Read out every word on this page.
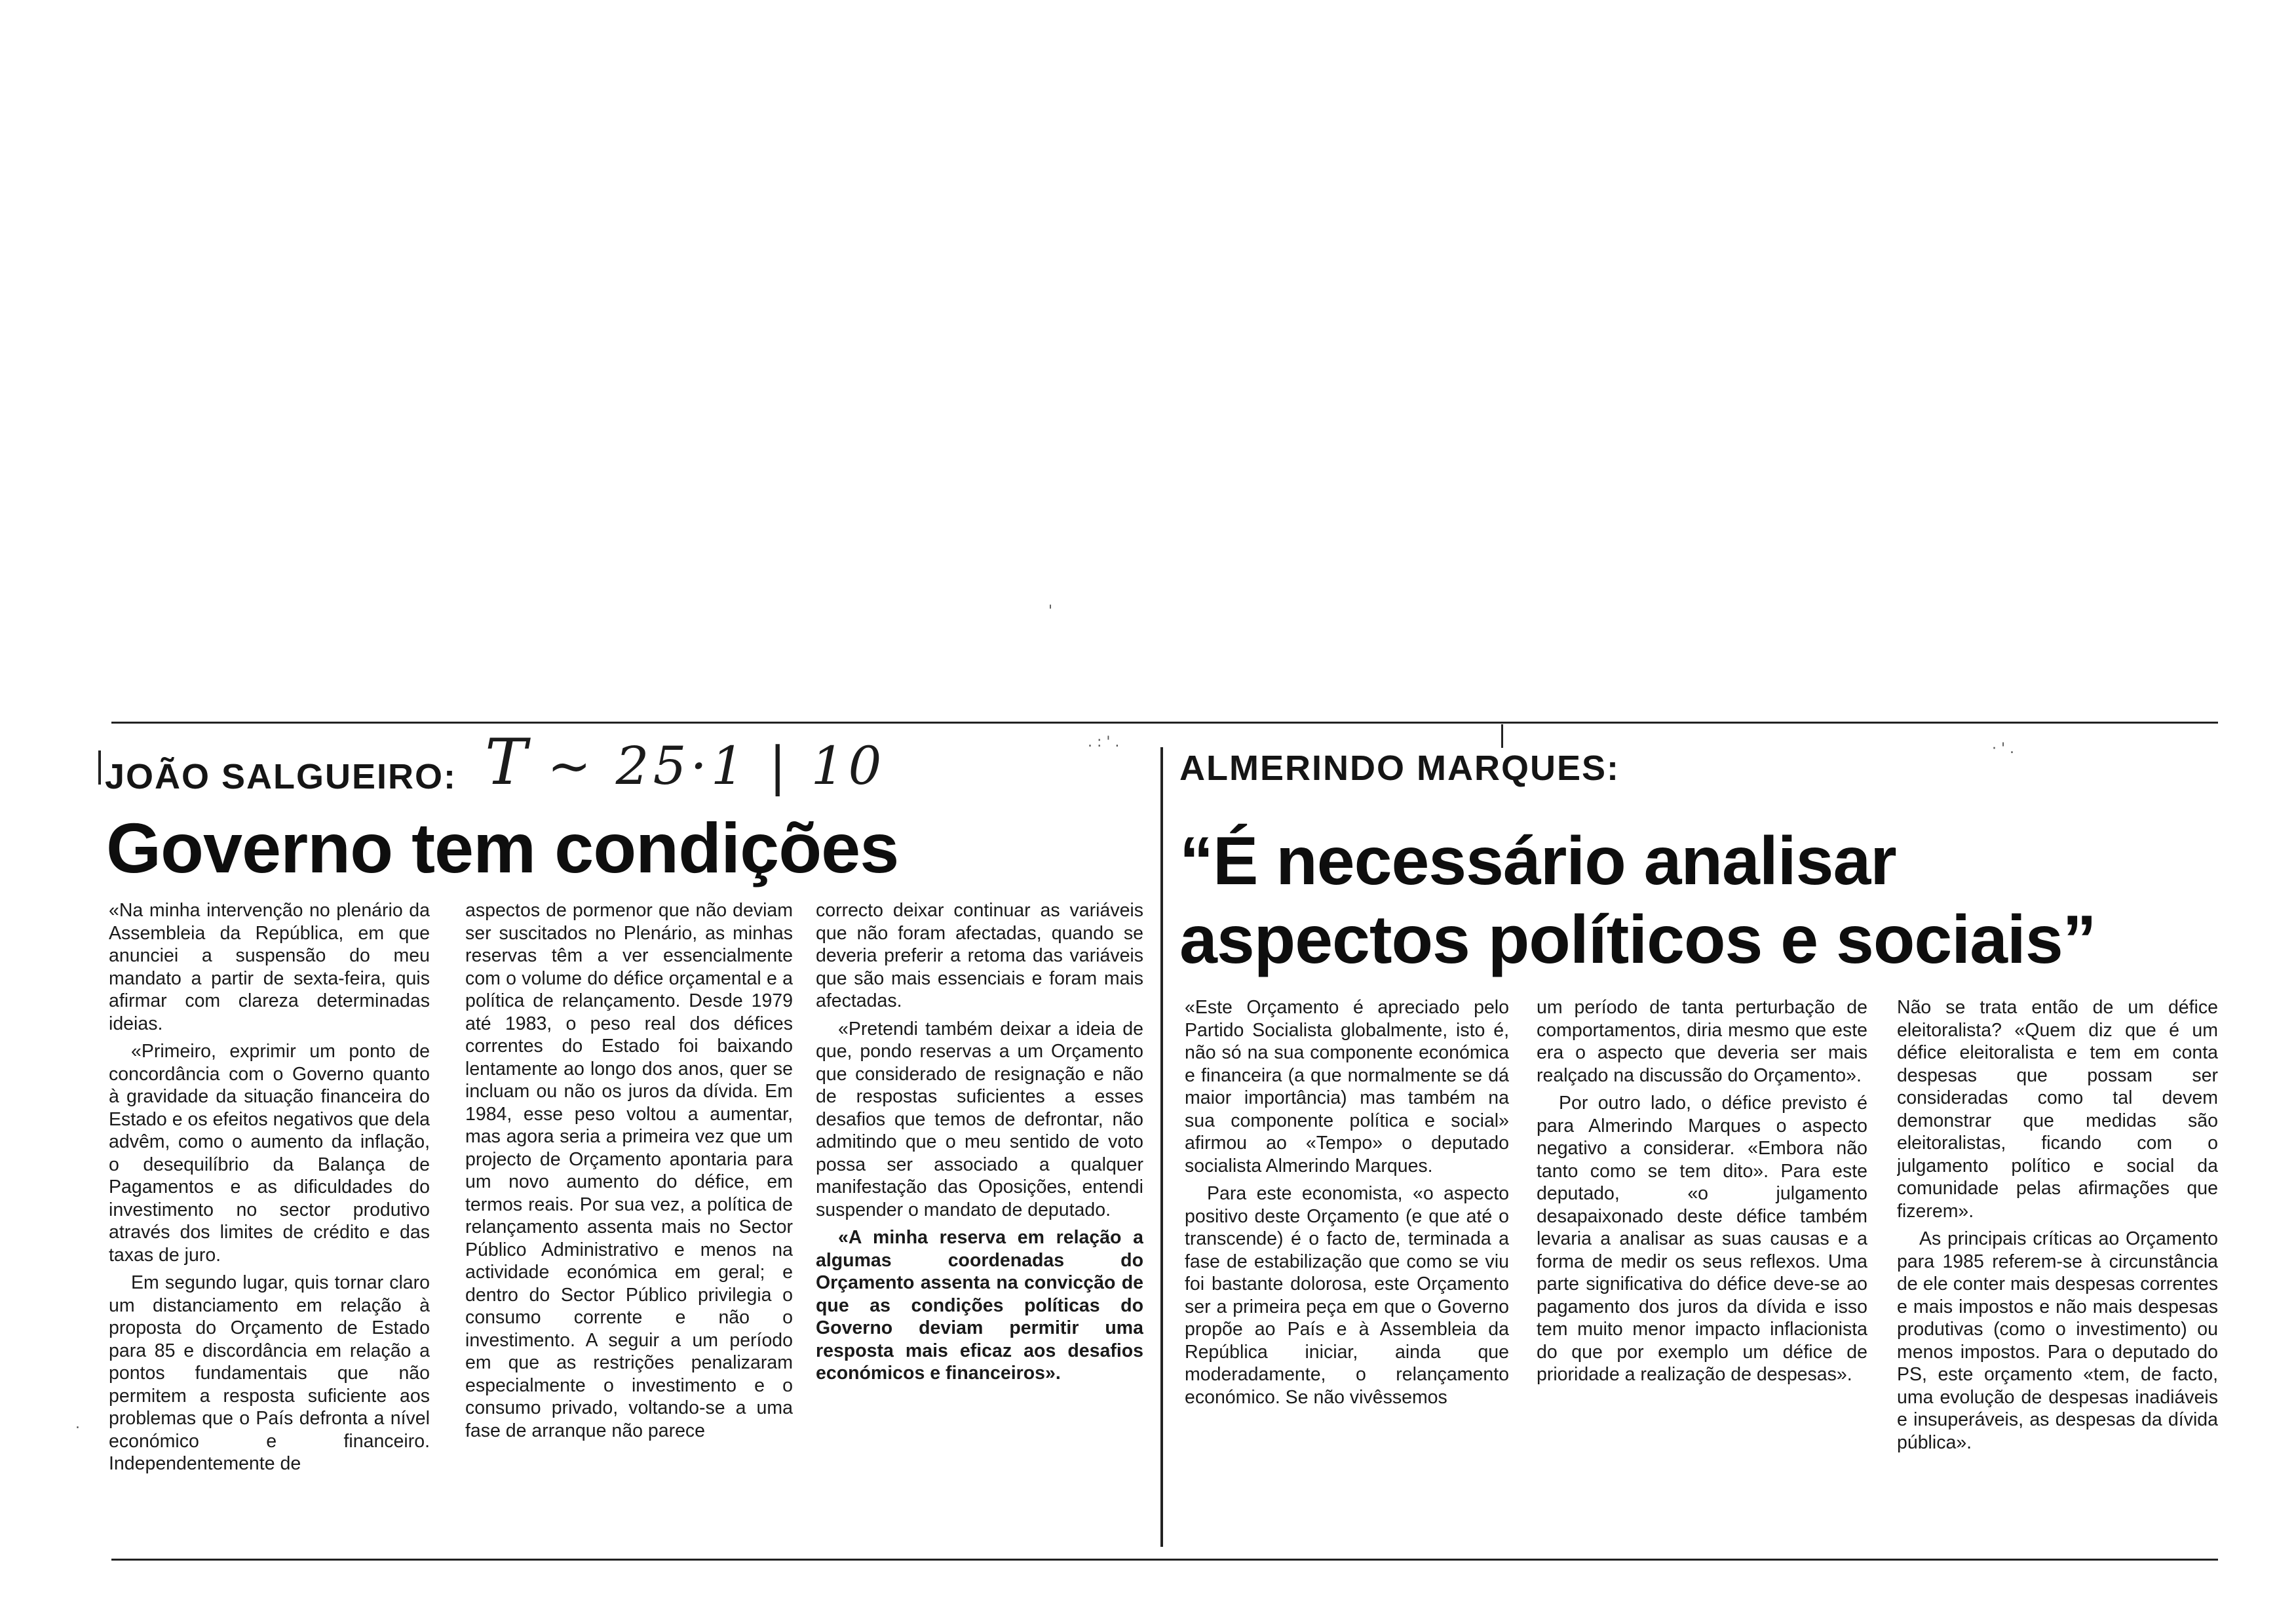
'
. : ' .	· ' .
.
T ~ 25·1 | 10
JOÃO SALGUEIRO:
Governo tem condições

«Na minha intervenção no plenário da Assembleia da República, em que anunciei a suspensão do meu mandato a partir de sexta-feira, quis afirmar com clareza determinadas ideias.

«Primeiro, exprimir um ponto de concordância com o Governo quanto à gravidade da situação financeira do Estado e os efeitos negativos que dela advêm, como o aumento da inflação, o desequilíbrio da Balança de Pagamentos e as dificuldades do investimento no sector produtivo através dos limites de crédito e das taxas de juro.

Em segundo lugar, quis tornar claro um distanciamento em relação à proposta do Orçamento de Estado para 85 e discordância em relação a pontos fundamentais que não permitem a resposta suficiente aos problemas que o País defronta a nível económico e financeiro. Independentemente de

aspectos de pormenor que não deviam ser suscitados no Plenário, as minhas reservas têm a ver essencialmente com o volume do défice orçamental e a política de relançamento. Desde 1979 até 1983, o peso real dos défices correntes do Estado foi baixando lentamente ao longo dos anos, quer se incluam ou não os juros da dívida. Em 1984, esse peso voltou a aumentar, mas agora seria a primeira vez que um projecto de Orçamento apontaria para um novo aumento do défice, em termos reais. Por sua vez, a política de relançamento assenta mais no Sector Público Administrativo e menos na actividade económica em geral; e dentro do Sector Público privilegia o consumo corrente e não o investimento. A seguir a um período em que as restrições penalizaram especialmente o investimento e o consumo privado, voltando-se a uma fase de arranque não parece

correcto deixar continuar as variáveis que não foram afectadas, quando se deveria preferir a retoma das variáveis que são mais essenciais e foram mais afectadas.

«Pretendi também deixar a ideia de que, pondo reservas a um Orçamento que considerado de resignação e não de respostas suficientes a esses desafios que temos de defrontar, não admitindo que o meu sentido de voto possa ser associado a qualquer manifestação das Oposições, entendi suspender o mandato de deputado.

«A minha reserva em relação a algumas coordenadas do Orçamento assenta na convicção de que as condições políticas do Governo deviam permitir uma resposta mais eficaz aos desafios económicos e financeiros».

ALMERINDO MARQUES:
“É necessário analisar
aspectos políticos e sociais”

«Este Orçamento é apreciado pelo Partido Socialista globalmente, isto é, não só na sua componente económica e financeira (a que normalmente se dá maior importância) mas também na sua componente política e social» afirmou ao «Tempo» o deputado socialista Almerindo Marques.

Para este economista, «o aspecto positivo deste Orçamento (e que até o transcende) é o facto de, terminada a fase de estabilização que como se viu foi bastante dolorosa, este Orçamento ser a primeira peça em que o Governo propõe ao País e à Assembleia da República iniciar, ainda que moderadamente, o relançamento económico. Se não vivêssemos

um período de tanta perturbação de comportamentos, diria mesmo que este era o aspecto que deveria ser mais realçado na discussão do Orçamento».

Por outro lado, o défice previsto é para Almerindo Marques o aspecto negativo a considerar. «Embora não tanto como se tem dito». Para este deputado, «o julgamento desapaixonado deste défice também levaria a analisar as suas causas e a forma de medir os seus reflexos. Uma parte significativa do défice deve-se ao pagamento dos juros da dívida e isso tem muito menor impacto inflacionista do que por exemplo um défice de prioridade a realização de despesas».

Não se trata então de um défice eleitoralista? «Quem diz que é um défice eleitoralista e tem em conta despesas que possam ser consideradas como tal devem demonstrar que medidas são eleitoralistas, ficando com o julgamento político e social da comunidade pelas afirmações que fizerem».

As principais críticas ao Orçamento para 1985 referem-se à circunstância de ele conter mais despesas correntes e mais impostos e não mais despesas produtivas (como o investimento) ou menos impostos. Para o deputado do PS, este orçamento «tem, de facto, uma evolução de despesas inadiáveis e insuperáveis, as despesas da dívida pública».
